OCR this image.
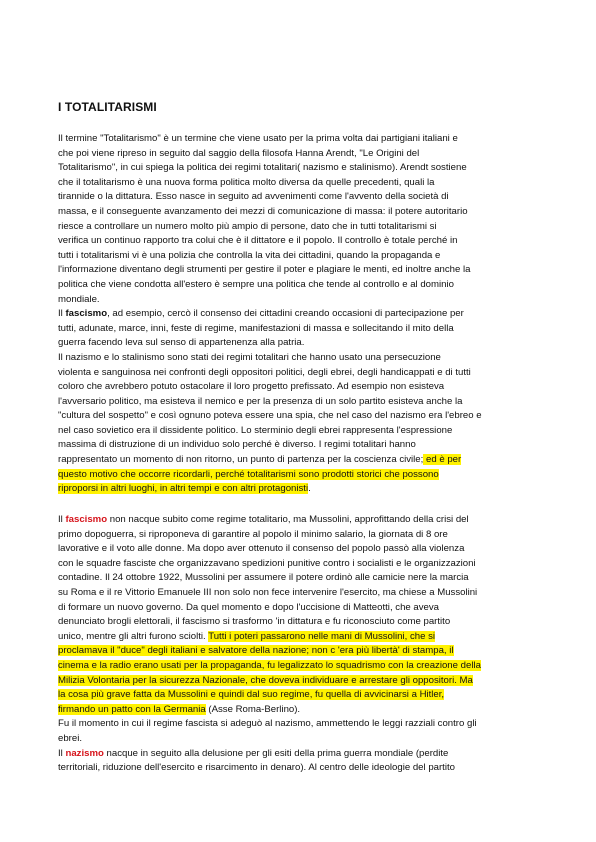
I TOTALITARISMI
Il termine "Totalitarismo" è un termine che viene usato per la prima volta dai partigiani italiani e
che poi viene ripreso in seguito dal saggio della filosofa Hanna Arendt, "Le Origini del
Totalitarismo", in cui spiega la politica dei regimi totalitari( nazismo e stalinismo). Arendt sostiene
che il totalitarismo è una nuova forma politica molto diversa da quelle precedenti, quali la
tirannide o la dittatura. Esso nasce in seguito ad avvenimenti come l'avvento della società di
massa, e il conseguente avanzamento dei mezzi di comunicazione di massa: il potere autoritario
riesce a controllare un numero molto più ampio di persone, dato che in tutti totalitarismi si
verifica un continuo rapporto tra colui che è il dittatore e il popolo. Il controllo è totale perché in
tutti i totalitarismi vi è una polizia che controlla la vita dei cittadini, quando la propaganda e
l'informazione diventano degli strumenti per gestire il poter e plagiare le menti, ed inoltre anche la
politica che viene condotta all'estero è sempre una politica che tende al controllo e al dominio
mondiale.
Il fascismo, ad esempio, cercò il consenso dei cittadini creando occasioni di partecipazione per
tutti, adunate, marce, inni, feste di regime, manifestazioni di massa e sollecitando il mito della
guerra facendo leva sul senso di appartenenza alla patria.
Il nazismo e lo stalinismo sono stati dei regimi totalitari che hanno usato una persecuzione
violenta e sanguinosa nei confronti degli oppositori politici, degli ebrei, degli handicappati e di tutti
coloro che avrebbero potuto ostacolare il loro progetto prefissato. Ad esempio non esisteva
l'avversario politico, ma esisteva il nemico e per la presenza di un solo partito esisteva anche la
"cultura del sospetto" e così ognuno poteva essere una spia, che nel caso del nazismo era l'ebreo e
nel caso sovietico era il dissidente politico. Lo sterminio degli ebrei rappresenta l'espressione
massima di distruzione di un individuo solo perché è diverso. I regimi totalitari hanno
rappresentato un momento di non ritorno, un punto di partenza per la coscienza civile; ed è per
questo motivo che occorre ricordarli, perché totalitarismi sono prodotti storici che possono
riproporsi in altri luoghi, in altri tempi e con altri protagonisti.
Il fascismo non nacque subito come regime totalitario, ma Mussolini, approfittando della crisi del
primo dopoguerra, si riproponeva di garantire al popolo il minimo salario, la giornata di 8 ore
lavorative e il voto alle donne. Ma dopo aver ottenuto il consenso del popolo passò alla violenza
con le squadre fasciste che organizzavano spedizioni punitive contro i socialisti e le organizzazioni
contadine. Il 24 ottobre 1922, Mussolini per assumere il potere ordinò alle camicie nere la marcia
su Roma e il re Vittorio Emanuele III non solo non fece intervenire l'esercito, ma chiese a Mussolini
di formare un nuovo governo. Da quel momento e dopo l'uccisione di Matteotti, che aveva
denunciato brogli elettorali, il fascismo si trasformo 'in dittatura e fu riconosciuto come partito
unico, mentre gli altri furono sciolti. Tutti i poteri passarono nelle mani di Mussolini, che si
proclamava il "duce" degli italiani e salvatore della nazione; non c 'era più libertà' di stampa, il
cinema e la radio erano usati per la propaganda, fu legalizzato lo squadrismo con la creazione della
Milizia Volontaria per la sicurezza Nazionale, che doveva individuare e arrestare gli oppositori. Ma
la cosa più grave fatta da Mussolini e quindi dal suo regime, fu quella di avvicinarsi a Hitler,
firmando un patto con la Germania (Asse Roma-Berlino).
Fu il momento in cui il regime fascista si adeguò al nazismo, ammettendo le leggi razziali contro gli
ebrei.
Il nazismo nacque in seguito alla delusione per gli esiti della prima guerra mondiale (perdite
territoriali, riduzione dell'esercito e risarcimento in denaro). Al centro delle ideologie del partito
